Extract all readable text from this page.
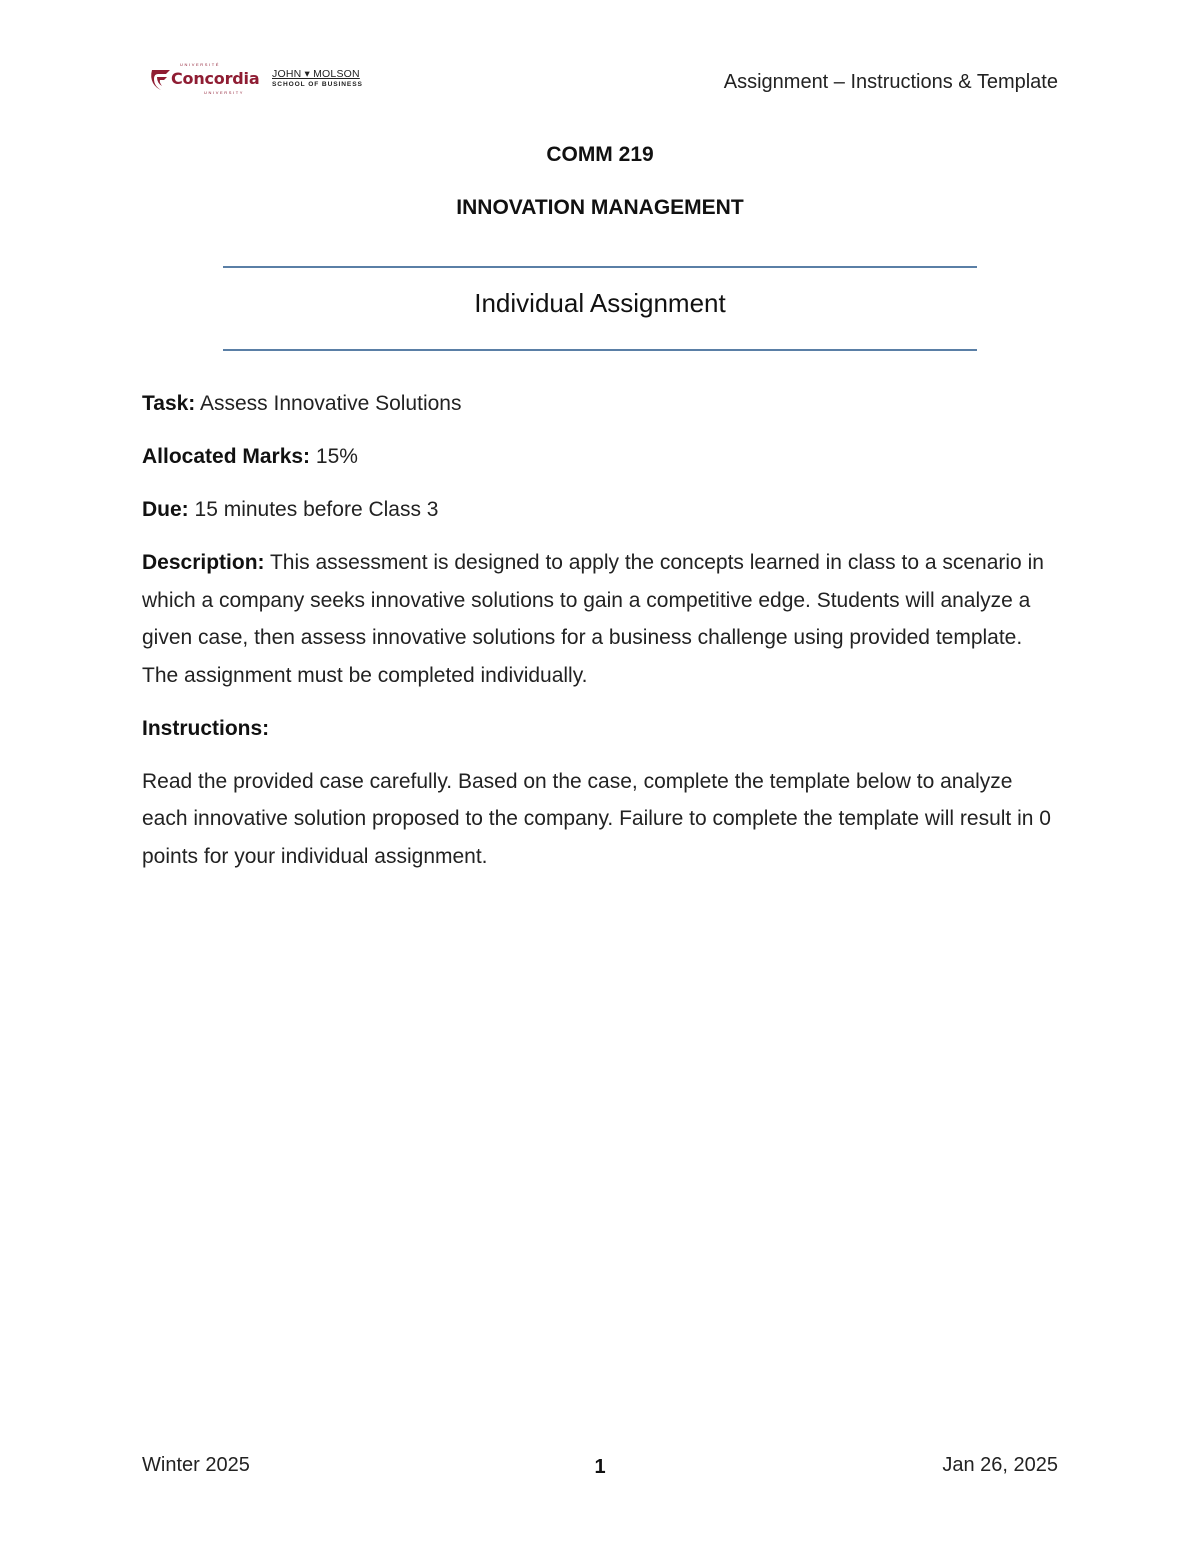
UNIVERSITÉ
Concordia
UNIVERSITY
JOHN ▾ MOLSON
SCHOOL OF BUSINESS	Assignment – Instructions & Template
COMM 219
INNOVATION MANAGEMENT
Individual Assignment

Task: Assess Innovative Solutions

Allocated Marks: 15%

Due: 15 minutes before Class 3

Description: This assessment is designed to apply the concepts learned in class to a scenario in which a company seeks innovative solutions to gain a competitive edge. Students will analyze a given case, then assess innovative solutions for a business challenge using provided template. The assignment must be completed individually.

Instructions:

Read the provided case carefully. Based on the case, complete the template below to analyze each innovative solution proposed to the company. Failure to complete the template will result in 0 points for your individual assignment.

Winter 2025	1	Jan 26, 2025
